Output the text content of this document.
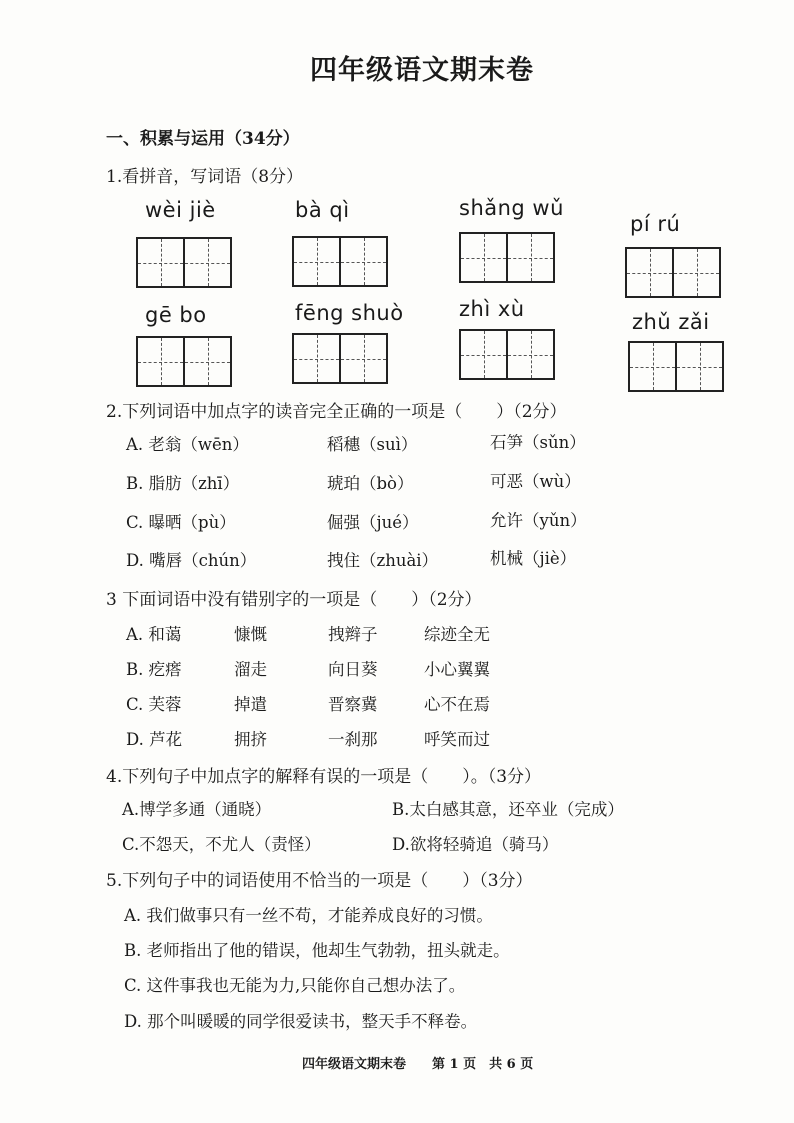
四年级语文期末卷
一、积累与运用（34分）
1.看拼音，写词语（8分）
wèi jiè	bà qì	shǎng wǔ
pí rú
gē bo	fēng shuò	zhì xù
zhǔ zǎi
2.下列词语中加点字的读音完全正确的一项是（　　）（2分）
A. 老翁（wēn）	稻穗（suì）	石笋（sǔn）
B. 脂肪（zhī）	琥珀（bò）	可恶（wù）
C. 曝晒（pù）	倔强（jué）	允许（yǔn）
D. 嘴唇（chún）	拽住（zhuài）	机械（jiè）
3 下面词语中没有错别字的一项是（　　）（2分）
A. 和蔼	慷慨	拽辫子	综迹全无
B. 疙瘩	溜走	向日葵	小心翼翼
C. 芙蓉	掉遣	晋察冀	心不在焉
D. 芦花	拥挤	一刹那	呼笑而过
4.下列句子中加点字的解释有误的一项是（　　）。（3分）
A.博学多通（通晓）	B.太白感其意，还卒业（完成）
C.不怨天，不尤人（责怪）	D.欲将轻骑追（骑马）
5.下列句子中的词语使用不恰当的一项是（　　）（3分）
A. 我们做事只有一丝不苟，才能养成良好的习惯。
B. 老师指出了他的错误，他却生气勃勃，扭头就走。
C. 这件事我也无能为力,只能你自己想办法了。
D. 那个叫暖暖的同学很爱读书，整天手不释卷。
四年级语文期末卷　　第 1 页　共 6 页
